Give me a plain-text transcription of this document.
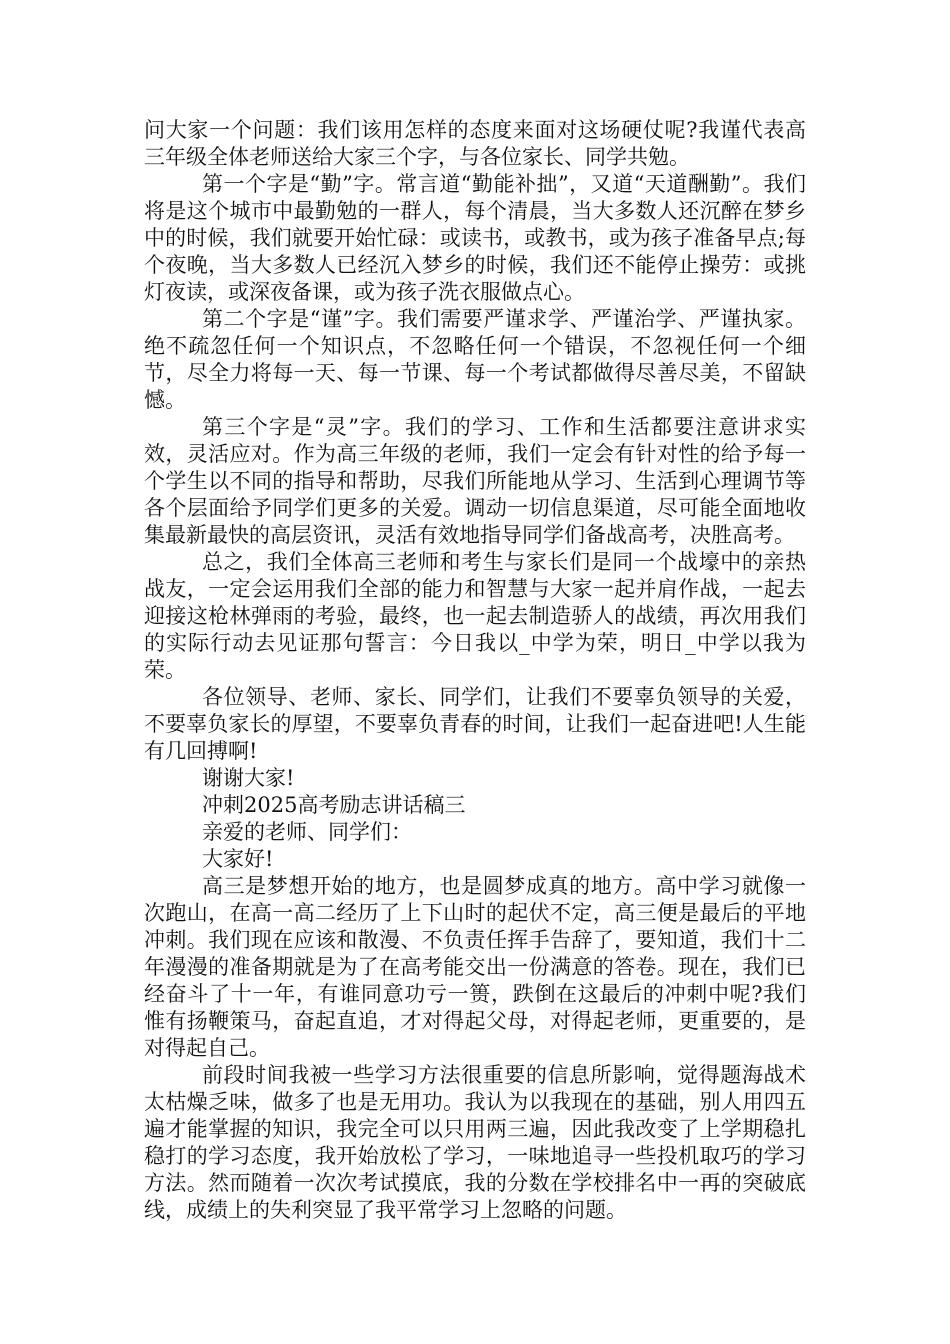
问大家一个问题：我们该用怎样的态度来面对这场硬仗呢?我谨代表高三年级全体老师送给大家三个字，与各位家长、同学共勉。

第一个字是“勤”字。常言道“勤能补拙”，又道“天道酬勤”。我们将是这个城市中最勤勉的一群人，每个清晨，当大多数人还沉醉在梦乡中的时候，我们就要开始忙碌：或读书，或教书，或为孩子准备早点;每个夜晚，当大多数人已经沉入梦乡的时候，我们还不能停止操劳：或挑灯夜读，或深夜备课，或为孩子洗衣服做点心。

第二个字是“谨”字。我们需要严谨求学、严谨治学、严谨执家。绝不疏忽任何一个知识点，不忽略任何一个错误，不忽视任何一个细节，尽全力将每一天、每一节课、每一个考试都做得尽善尽美，不留缺憾。

第三个字是“灵”字。我们的学习、工作和生活都要注意讲求实效，灵活应对。作为高三年级的老师，我们一定会有针对性的给予每一个学生以不同的指导和帮助，尽我们所能地从学习、生活到心理调节等各个层面给予同学们更多的关爱。调动一切信息渠道，尽可能全面地收集最新最快的高层资讯，灵活有效地指导同学们备战高考，决胜高考。

总之，我们全体高三老师和考生与家长们是同一个战壕中的亲热战友，一定会运用我们全部的能力和智慧与大家一起并肩作战，一起去迎接这枪林弹雨的考验，最终，也一起去制造骄人的战绩，再次用我们的实际行动去见证那句誓言：今日我以_中学为荣，明日_中学以我为荣。

各位领导、老师、家长、同学们，让我们不要辜负领导的关爱，不要辜负家长的厚望，不要辜负青春的时间，让我们一起奋进吧!人生能有几回搏啊!

谢谢大家!

冲刺2025高考励志讲话稿三

亲爱的老师、同学们：

大家好!

高三是梦想开始的地方，也是圆梦成真的地方。高中学习就像一次跑山，在高一高二经历了上下山时的起伏不定，高三便是最后的平地冲刺。我们现在应该和散漫、不负责任挥手告辞了，要知道，我们十二年漫漫的准备期就是为了在高考能交出一份满意的答卷。现在，我们已经奋斗了十一年，有谁同意功亏一篑，跌倒在这最后的冲刺中呢?我们惟有扬鞭策马，奋起直追，才对得起父母，对得起老师，更重要的，是对得起自己。

前段时间我被一些学习方法很重要的信息所影响，觉得题海战术太枯燥乏味，做多了也是无用功。我认为以我现在的基础，别人用四五遍才能掌握的知识，我完全可以只用两三遍，因此我改变了上学期稳扎稳打的学习态度，我开始放松了学习，一味地追寻一些投机取巧的学习方法。然而随着一次次考试摸底，我的分数在学校排名中一再的突破底线，成绩上的失利突显了我平常学习上忽略的问题。
